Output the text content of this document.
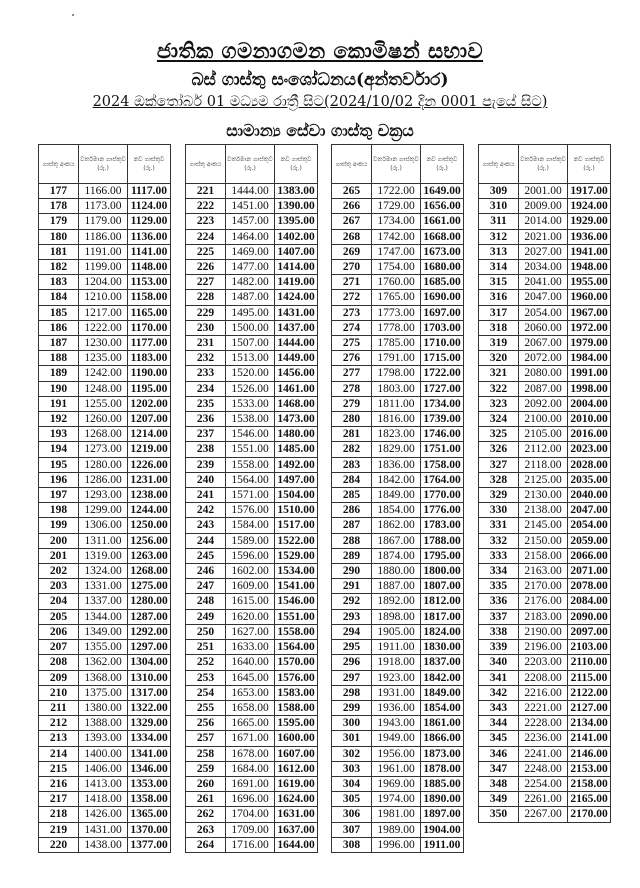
ජාතික ගමනාගමන කොමිෂන් සභාව
බස් ගාස්තු සංශෝධනය(අන්තර්වාර)
2024 ඔක්තෝබර් 01 මධ්‍යම රාත්‍රී සිට(2024/10/02 දින 0001 පැයේ සිට)
සාමාන්‍ය සේවා ගාස්තු චක්‍රය
ගාස්තු අංකය	වර්තමාන ගාස්තුව (රු.)	නව ගාස්තුව (රු.)
177	1166.00	1117.00
178	1173.00	1124.00
179	1179.00	1129.00
180	1186.00	1136.00
181	1191.00	1141.00
182	1199.00	1148.00
183	1204.00	1153.00
184	1210.00	1158.00
185	1217.00	1165.00
186	1222.00	1170.00
187	1230.00	1177.00
188	1235.00	1183.00
189	1242.00	1190.00
190	1248.00	1195.00
191	1255.00	1202.00
192	1260.00	1207.00
193	1268.00	1214.00
194	1273.00	1219.00
195	1280.00	1226.00
196	1286.00	1231.00
197	1293.00	1238.00
198	1299.00	1244.00
199	1306.00	1250.00
200	1311.00	1256.00
201	1319.00	1263.00
202	1324.00	1268.00
203	1331.00	1275.00
204	1337.00	1280.00
205	1344.00	1287.00
206	1349.00	1292.00
207	1355.00	1297.00
208	1362.00	1304.00
209	1368.00	1310.00
210	1375.00	1317.00
211	1380.00	1322.00
212	1388.00	1329.00
213	1393.00	1334.00
214	1400.00	1341.00
215	1406.00	1346.00
216	1413.00	1353.00
217	1418.00	1358.00
218	1426.00	1365.00
219	1431.00	1370.00
220	1438.00	1377.00
ගාස්තු අංකය	වර්තමාන ගාස්තුව (රු.)	නව ගාස්තුව (රු.)
221	1444.00	1383.00
222	1451.00	1390.00
223	1457.00	1395.00
224	1464.00	1402.00
225	1469.00	1407.00
226	1477.00	1414.00
227	1482.00	1419.00
228	1487.00	1424.00
229	1495.00	1431.00
230	1500.00	1437.00
231	1507.00	1444.00
232	1513.00	1449.00
233	1520.00	1456.00
234	1526.00	1461.00
235	1533.00	1468.00
236	1538.00	1473.00
237	1546.00	1480.00
238	1551.00	1485.00
239	1558.00	1492.00
240	1564.00	1497.00
241	1571.00	1504.00
242	1576.00	1510.00
243	1584.00	1517.00
244	1589.00	1522.00
245	1596.00	1529.00
246	1602.00	1534.00
247	1609.00	1541.00
248	1615.00	1546.00
249	1620.00	1551.00
250	1627.00	1558.00
251	1633.00	1564.00
252	1640.00	1570.00
253	1645.00	1576.00
254	1653.00	1583.00
255	1658.00	1588.00
256	1665.00	1595.00
257	1671.00	1600.00
258	1678.00	1607.00
259	1684.00	1612.00
260	1691.00	1619.00
261	1696.00	1624.00
262	1704.00	1631.00
263	1709.00	1637.00
264	1716.00	1644.00
ගාස්තු අංකය	වර්තමාන ගාස්තුව (රු.)	නව ගාස්තුව (රු.)
265	1722.00	1649.00
266	1729.00	1656.00
267	1734.00	1661.00
268	1742.00	1668.00
269	1747.00	1673.00
270	1754.00	1680.00
271	1760.00	1685.00
272	1765.00	1690.00
273	1773.00	1697.00
274	1778.00	1703.00
275	1785.00	1710.00
276	1791.00	1715.00
277	1798.00	1722.00
278	1803.00	1727.00
279	1811.00	1734.00
280	1816.00	1739.00
281	1823.00	1746.00
282	1829.00	1751.00
283	1836.00	1758.00
284	1842.00	1764.00
285	1849.00	1770.00
286	1854.00	1776.00
287	1862.00	1783.00
288	1867.00	1788.00
289	1874.00	1795.00
290	1880.00	1800.00
291	1887.00	1807.00
292	1892.00	1812.00
293	1898.00	1817.00
294	1905.00	1824.00
295	1911.00	1830.00
296	1918.00	1837.00
297	1923.00	1842.00
298	1931.00	1849.00
299	1936.00	1854.00
300	1943.00	1861.00
301	1949.00	1866.00
302	1956.00	1873.00
303	1961.00	1878.00
304	1969.00	1885.00
305	1974.00	1890.00
306	1981.00	1897.00
307	1989.00	1904.00
308	1996.00	1911.00
ගාස්තු අංකය	වර්තමාන ගාස්තුව (රු.)	නව ගාස්තුව (රු.)
309	2001.00	1917.00
310	2009.00	1924.00
311	2014.00	1929.00
312	2021.00	1936.00
313	2027.00	1941.00
314	2034.00	1948.00
315	2041.00	1955.00
316	2047.00	1960.00
317	2054.00	1967.00
318	2060.00	1972.00
319	2067.00	1979.00
320	2072.00	1984.00
321	2080.00	1991.00
322	2087.00	1998.00
323	2092.00	2004.00
324	2100.00	2010.00
325	2105.00	2016.00
326	2112.00	2023.00
327	2118.00	2028.00
328	2125.00	2035.00
329	2130.00	2040.00
330	2138.00	2047.00
331	2145.00	2054.00
332	2150.00	2059.00
333	2158.00	2066.00
334	2163.00	2071.00
335	2170.00	2078.00
336	2176.00	2084.00
337	2183.00	2090.00
338	2190.00	2097.00
339	2196.00	2103.00
340	2203.00	2110.00
341	2208.00	2115.00
342	2216.00	2122.00
343	2221.00	2127.00
344	2228.00	2134.00
345	2236.00	2141.00
346	2241.00	2146.00
347	2248.00	2153.00
348	2254.00	2158.00
349	2261.00	2165.00
350	2267.00	2170.00
